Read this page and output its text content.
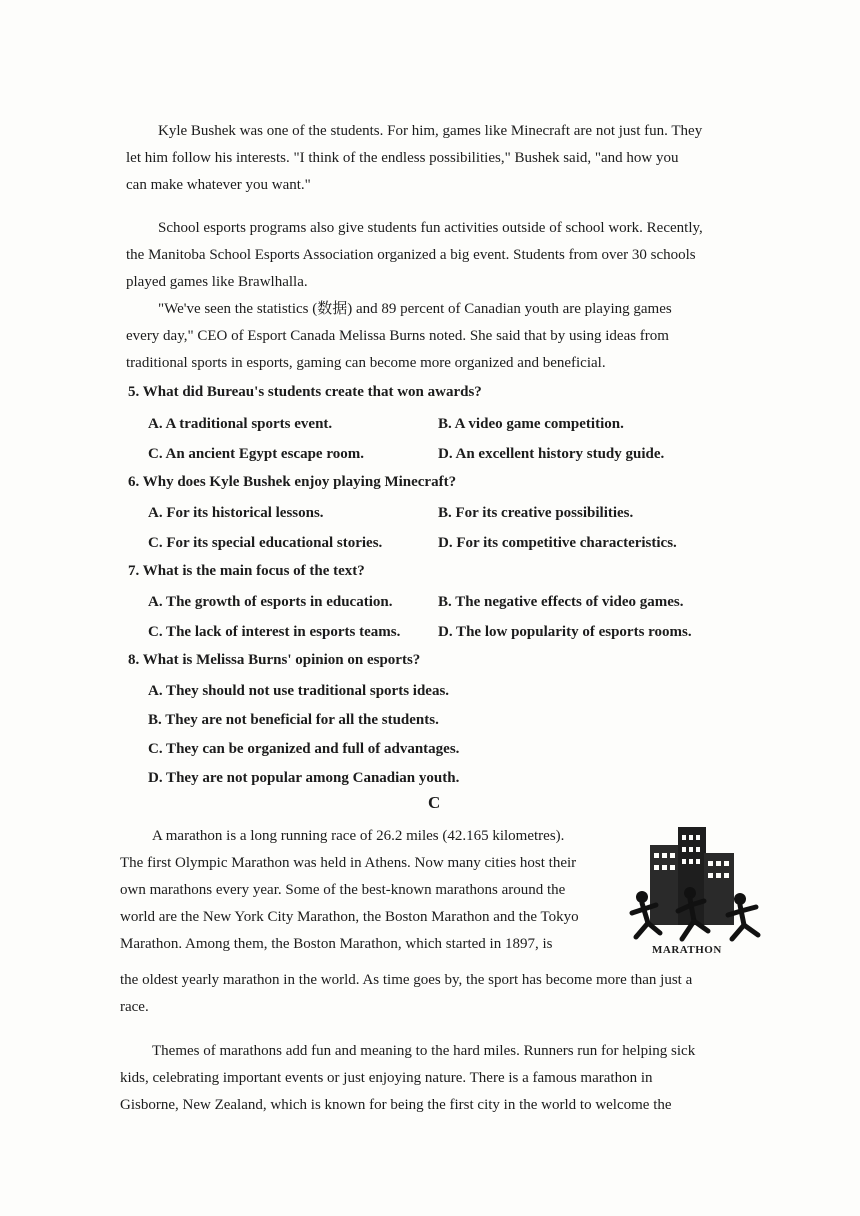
Kyle Bushek was one of the students. For him, games like Minecraft are not just fun. They
let him follow his interests. "I think of the endless possibilities," Bushek said, "and how you
can make whatever you want."

School esports programs also give students fun activities outside of school work. Recently,
the Manitoba School Esports Association organized a big event. Students from over 30 schools
played games like Brawlhalla.

"We've seen the statistics (数据) and 89 percent of Canadian youth are playing games
every day," CEO of Esport Canada Melissa Burns noted. She said that by using ideas from
traditional sports in esports, gaming can become more organized and beneficial.

5. What did Bureau's students create that won awards?

A. A traditional sports event.	B. A video game competition.
C. An ancient Egypt escape room.	D. An excellent history study guide.

6. Why does Kyle Bushek enjoy playing Minecraft?

A. For its historical lessons.	B. For its creative possibilities.
C. For its special educational stories.	D. For its competitive characteristics.

7. What is the main focus of the text?

A. The growth of esports in education.	B. The negative effects of video games.
C. The lack of interest in esports teams.	D. The low popularity of esports rooms.

8. What is Melissa Burns' opinion on esports?

A. They should not use traditional sports ideas.
B. They are not beneficial for all the students.
C. They can be organized and full of advantages.
D. They are not popular among Canadian youth.
C

A marathon is a long running race of 26.2 miles (42.165 kilometres).
The first Olympic Marathon was held in Athens. Now many cities host their
own marathons every year. Some of the best-known marathons around the
world are the New York City Marathon, the Boston Marathon and the Tokyo
Marathon. Among them, the Boston Marathon, which started in 1897, is

the oldest yearly marathon in the world. As time goes by, the sport has become more than just a
race.

Themes of marathons add fun and meaning to the hard miles. Runners run for helping sick
kids, celebrating important events or just enjoying nature. There is a famous marathon in
Gisborne, New Zealand, which is known for being the first city in the world to welcome the

MARATHON
